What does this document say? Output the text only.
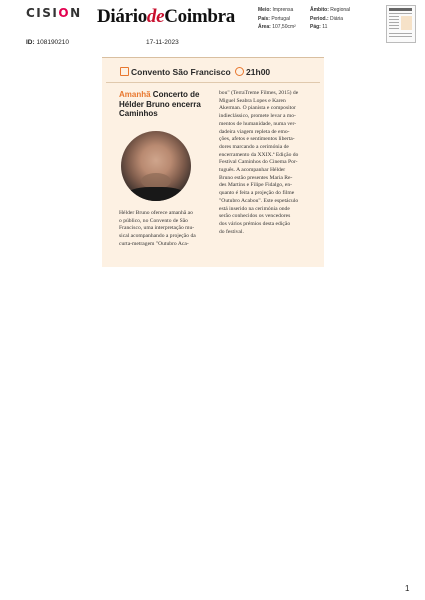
CISION DiáriodeCoimbra	Meio: Imprensa
País: Portugal
Área: 107,50cm²
Âmbito: Regional
Period.: Diária
Pág: 11
ID: 108190210	17-11-2023
Convento São Francisco 21h00
Amanhã Concerto de Hélder Bruno encerra Caminhos
Hélder Bruno oferece amanhã ao
o público, no Convento de São
Francisco, uma interpretação mu-
sical acompanhando a projeção da
curta-metragem "Outubro Aca-
bou" (TerraTreme Filmes, 2015) de
Miguel Seabra Lopes e Karen
Akerman. O pianista e compositor
indieclássico, promete levar a mo-
mentos de humanidade, numa ver-
dadeira viagem repleta de emo-
ções, afetos e sentimentos liberta-
dores marcando a cerimónia de
encerramento da XXIX.ª Edição do
Festival Caminhos do Cinema Por-
tuguês. A acompanhar Hélder
Bruno estão presentes Maria Re-
des Martins e Filipe Fidalgo, en-
quanto é feita a projeção do filme
"Outubro Acabou". Este espetáculo
está inserido na cerimónia onde
serão conhecidos os vencedores
dos vários prémios desta edição
do festival.
1
